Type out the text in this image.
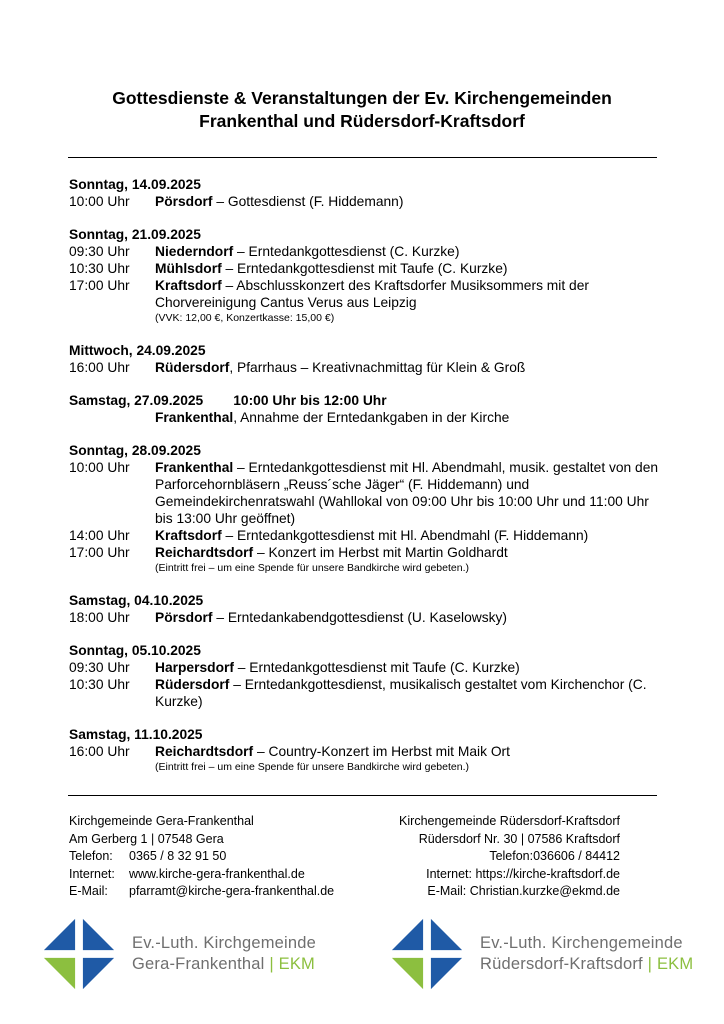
Gottesdienste & Veranstaltungen der Ev. Kirchengemeinden
Frankenthal und Rüdersdorf-Kraftsdorf
Sonntag, 14.09.2025
10:00 Uhr	Pörsdorf – Gottesdienst (F. Hiddemann)
Sonntag, 21.09.2025
09:30 Uhr	Niederndorf – Erntedankgottesdienst (C. Kurzke)
10:30 Uhr	Mühlsdorf – Erntedankgottesdienst mit Taufe (C. Kurzke)
17:00 Uhr	Kraftsdorf – Abschlusskonzert des Kraftsdorfer Musiksommers mit der Chorvereinigung Cantus Verus aus Leipzig
(VVK: 12,00 €, Konzertkasse: 15,00 €)
Mittwoch, 24.09.2025
16:00 Uhr	Rüdersdorf, Pfarrhaus – Kreativnachmittag für Klein & Groß
Samstag, 27.09.2025 10:00 Uhr bis 12:00 Uhr
Frankenthal, Annahme der Erntedankgaben in der Kirche
Sonntag, 28.09.2025
10:00 Uhr	Frankenthal – Erntedankgottesdienst mit Hl. Abendmahl, musik. gestaltet von den Parforcehornbläsern „Reuss´sche Jäger“ (F. Hiddemann) und Gemeindekirchenratswahl (Wahllokal von 09:00 Uhr bis 10:00 Uhr und 11:00 Uhr bis 13:00 Uhr geöffnet)
14:00 Uhr	Kraftsdorf – Erntedankgottesdienst mit Hl. Abendmahl (F. Hiddemann)
17:00 Uhr	Reichardtsdorf – Konzert im Herbst mit Martin Goldhardt
(Eintritt frei – um eine Spende für unsere Bandkirche wird gebeten.)
Samstag, 04.10.2025
18:00 Uhr	Pörsdorf – Erntedankabendgottesdienst (U. Kaselowsky)
Sonntag, 05.10.2025
09:30 Uhr	Harpersdorf – Erntedankgottesdienst mit Taufe (C. Kurzke)
10:30 Uhr	Rüdersdorf – Erntedankgottesdienst, musikalisch gestaltet vom Kirchenchor (C. Kurzke)
Samstag, 11.10.2025
16:00 Uhr	Reichardtsdorf – Country-Konzert im Herbst mit Maik Ort
(Eintritt frei – um eine Spende für unsere Bandkirche wird gebeten.)
Kirchgemeinde Gera-Frankenthal
Am Gerberg 1 | 07548 Gera
Telefon: 0365 / 8 32 91 50
Internet: www.kirche-gera-frankenthal.de
E-Mail: pfarramt@kirche-gera-frankenthal.de
Kirchengemeinde Rüdersdorf-Kraftsdorf
Rüdersdorf Nr. 30 | 07586 Kraftsdorf
Telefon:036606 / 84412
Internet: https://kirche-kraftsdorf.de
E-Mail: Christian.kurzke@ekmd.de
Ev.-Luth. Kirchgemeinde
Gera-Frankenthal | EKM
Ev.-Luth. Kirchengemeinde
Rüdersdorf-Kraftsdorf | EKM
